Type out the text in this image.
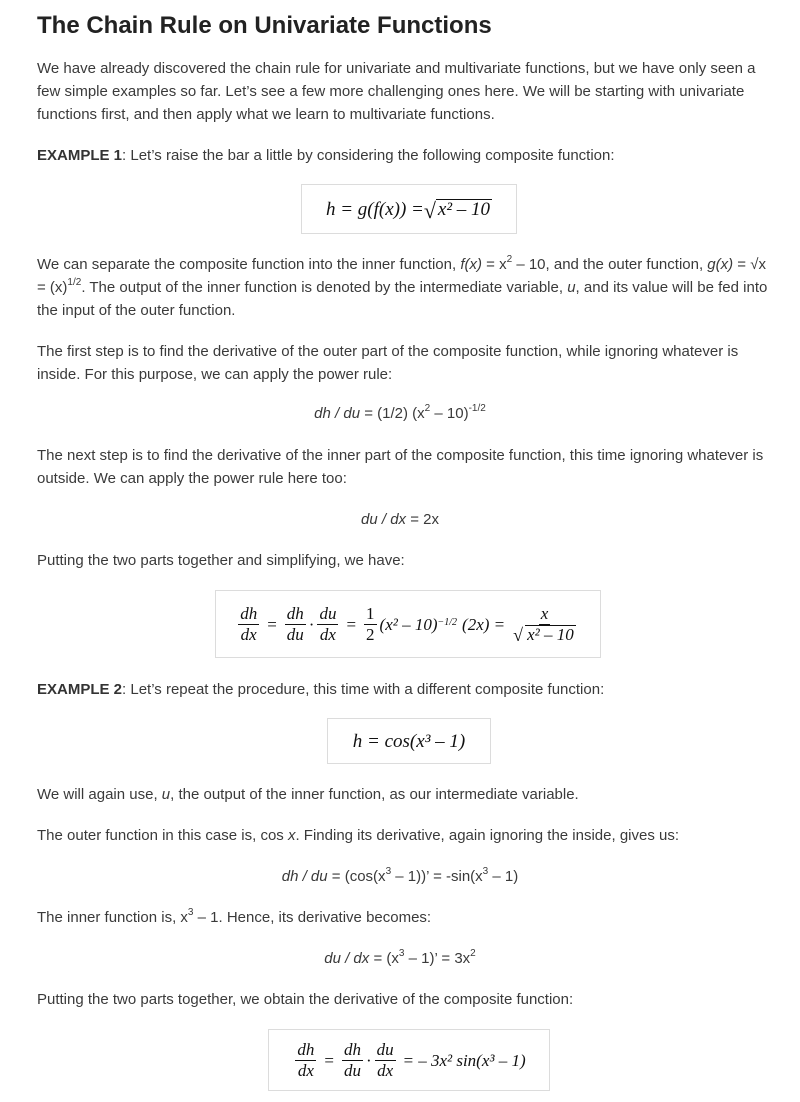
The Chain Rule on Univariate Functions

We have already discovered the chain rule for univariate and multivariate functions, but we have only seen a few simple examples so far. Let’s see a few more challenging ones here. We will be starting with univariate functions first, and then apply what we learn to multivariate functions.

EXAMPLE 1: Let’s raise the bar a little by considering the following composite function:

h = g(f(x)) = √ x² – 10

We can separate the composite function into the inner function, $f(x) = x^2 - 10$, and the outer function, $g(x) = √x = (x)^{1/2}$. The output of the inner function is denoted by the intermediate variable, u, and its value will be fed into the input of the outer function.

The first step is to find the derivative of the outer part of the composite function, while ignoring whatever is inside. For this purpose, we can apply the power rule:

dh / du = (1/2) $(x^2 - 10)^{-1/2}$

The next step is to find the derivative of the inner part of the composite function, this time ignoring whatever is outside. We can apply the power rule here too:

du / dx = 2x

Putting the two parts together and simplifying, we have:

$\frac{dh}{dx} = \frac{dh}{du} \cdot \frac{du}{dx} = \frac{1}{2} (x^2 - 10)^{-1/2}$ $(2x) = \frac{x}{\text{√ x² – 10}}$

EXAMPLE 2: Let’s repeat the procedure, this time with a different composite function:

h = cos(x³ – 1)

We will again use, u, the output of the inner function, as our intermediate variable.

The outer function in this case is, cos x. Finding its derivative, again ignoring the inside, gives us:

dh / du = $(\cos(x^3 - 1))$’ = $-\sin(x^3 - 1)$

The inner function is, $x^3 - 1$. Hence, its derivative becomes:

du / dx = $(x^3 - 1)$’ = $3x^2$

Putting the two parts together, we obtain the derivative of the composite function:

$\frac{dh}{dx} = \frac{dh}{du} \cdot \frac{du}{dx}$ = – 3x² sin(x³ – 1)
